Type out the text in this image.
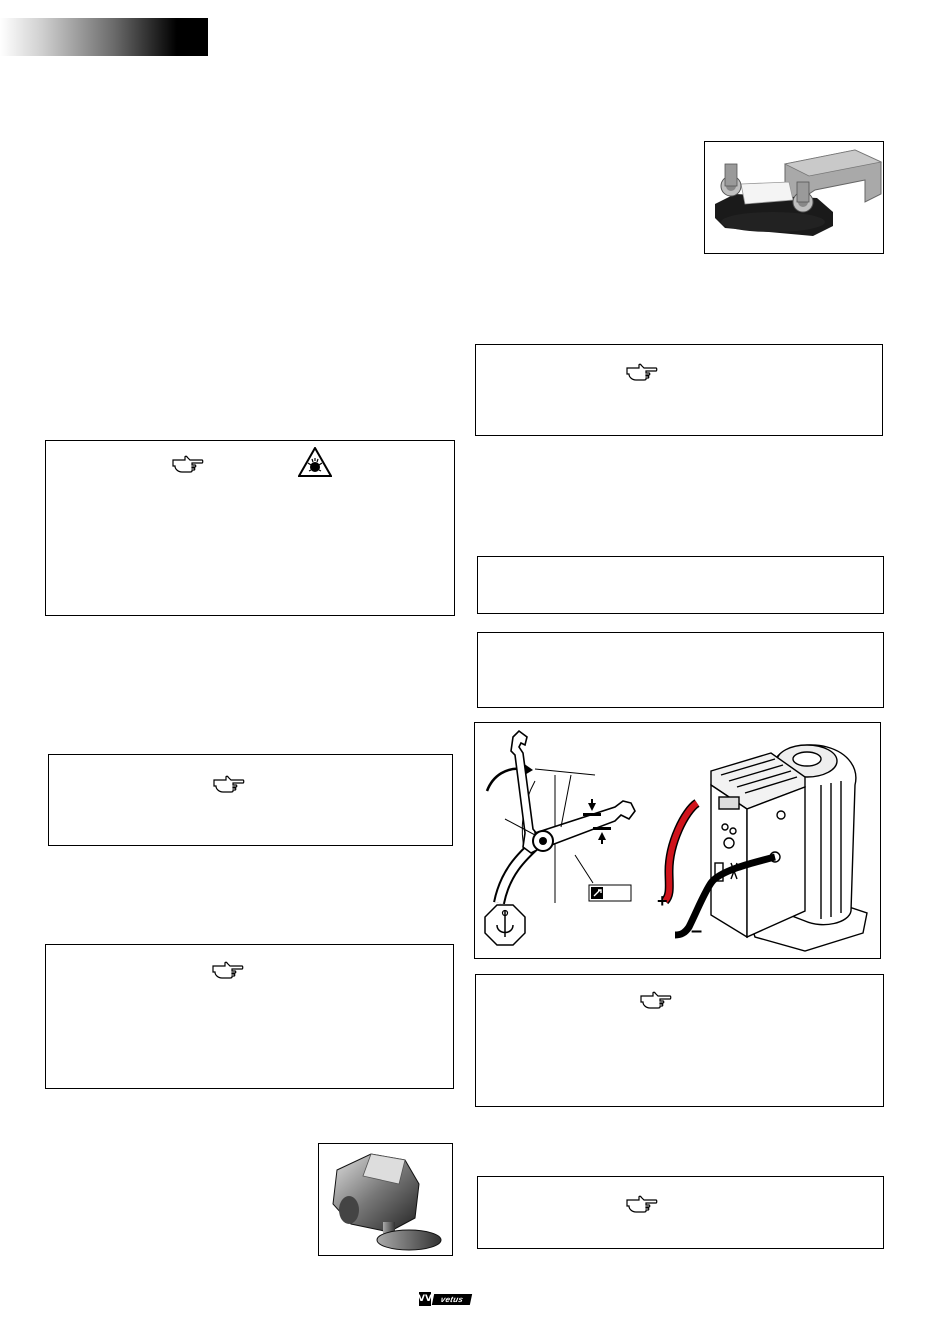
+
–
VV vetus
